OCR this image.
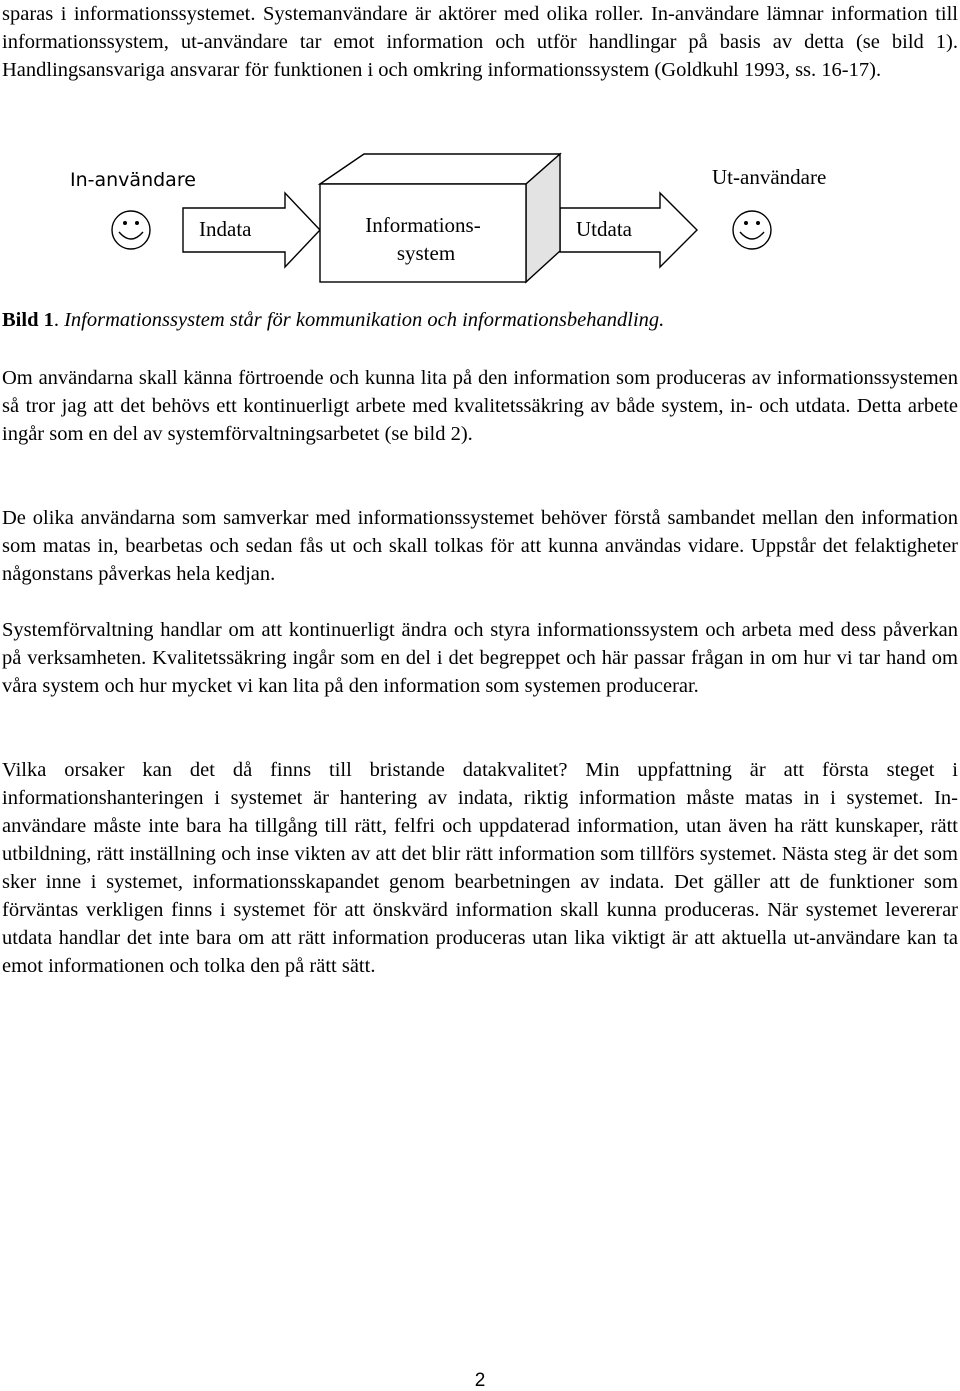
sparas i informationssystemet. Systemanvändare är aktörer med olika roller. In-användare lämnar information till informationssystem, ut-användare tar emot information och utför handlingar på basis av detta (se bild 1). Handlingsansvariga ansvarar för funktionen i och omkring informationssystem (Goldkuhl 1993, ss. 16-17).

In-användare	Ut-användare
Indata	Utdata
Informations-
system

Bild 1. Informationssystem står för kommunikation och informationsbehandling.

Om användarna skall känna förtroende och kunna lita på den information som produceras av informationssystemen så tror jag att det behövs ett kontinuerligt arbete med kvalitetssäkring av både system, in- och utdata. Detta arbete ingår som en del av systemförvaltningsarbetet (se bild 2).

De olika användarna som samverkar med informationssystemet behöver förstå sambandet mellan den information som matas in, bearbetas och sedan fås ut och skall tolkas för att kunna användas vidare. Uppstår det felaktigheter någonstans påverkas hela kedjan.

Systemförvaltning handlar om att kontinuerligt ändra och styra informationssystem och arbeta med dess påverkan på verksamheten. Kvalitetssäkring ingår som en del i det begreppet och här passar frågan in om hur vi tar hand om våra system och hur mycket vi kan lita på den information som systemen producerar.

Vilka orsaker kan det då finns till bristande datakvalitet? Min uppfattning är att första steget i informationshanteringen i systemet är hantering av indata, riktig information måste matas in i systemet. In-användare måste inte bara ha tillgång till rätt, felfri och uppdaterad information, utan även ha rätt kunskaper, rätt utbildning, rätt inställning och inse vikten av att det blir rätt information som tillförs systemet. Nästa steg är det som sker inne i systemet, informationsskapandet genom bearbetningen av indata. Det gäller att de funktioner som förväntas verkligen finns i systemet för att önskvärd information skall kunna produceras. När systemet levererar utdata handlar det inte bara om att rätt information produceras utan lika viktigt är att aktuella ut-användare kan ta emot informationen och tolka den på rätt sätt.

2
